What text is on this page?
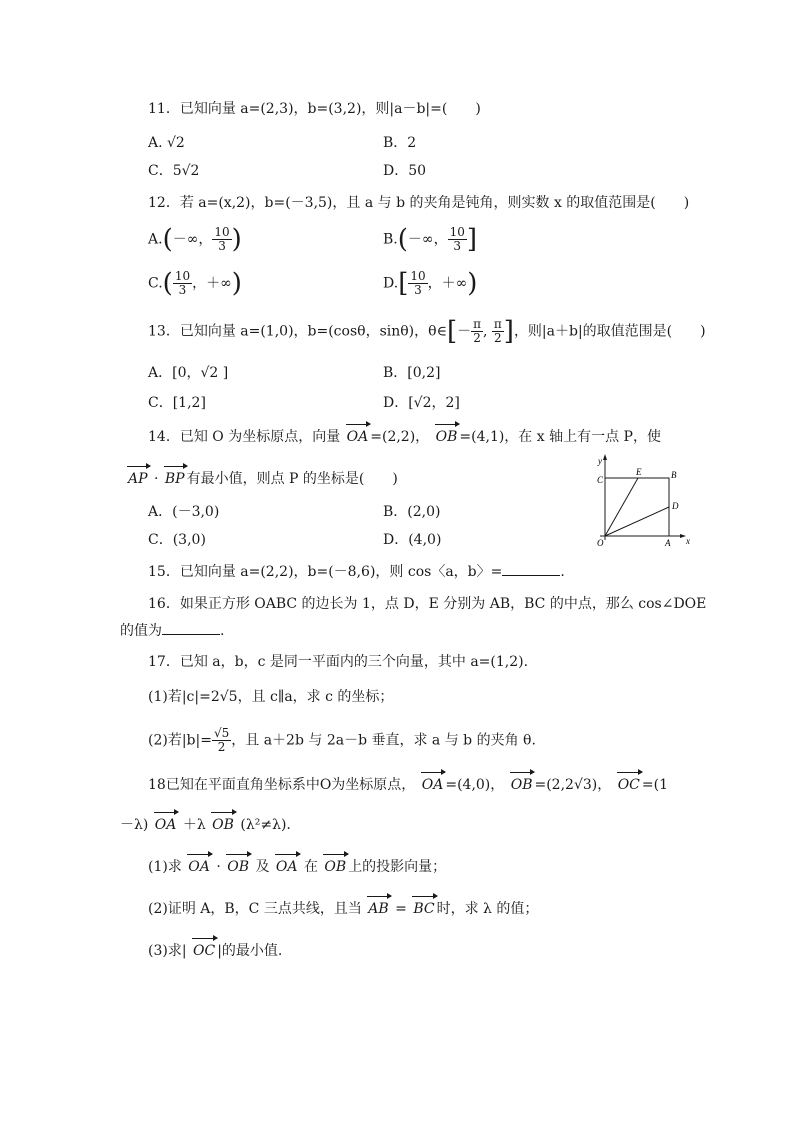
11．已知向量 a=(2,3)，b=(3,2)，则|a－b|=(　　)
A. √2	B．2
C．5√2	D．50
12．若 a=(x,2)，b=(－3,5)，且 a 与 b 的夹角是钝角，则实数 x 的取值范围是(　　)
A.(－∞， $\frac{10}{3}$ )	B.(－∞， $\frac{10}{3}$ ]
$C.( \frac{10}{3}$ ，＋∞)	$D.[ \frac{10}{3}$ ，＋∞)
13．已知向量 a=(1,0)，b=(cosθ，sinθ)，θ∈[－ $\frac{\pi}{2}$ , $\frac{\pi}{2}$ ]，则|a＋b|的取值范围是(　　)
A．[0，√2 ]	B．[0,2]
C．[1,2]	D．[√2，2]
14．已知 O 为坐标原点，向量 OA =(2,2)， OB =(4,1)，在 x 轴上有一点 P，使
AP · BP 有最小值，则点 P 的坐标是(　　)
A．(－3,0)	B．(2,0)
C．(3,0)	D．(4,0)
y
x
O	A
B
C
D
E
15．已知向量 a=(2,2)，b=(－8,6)，则 cos〈a，b〉=	.
16．如果正方形 OABC 的边长为 1，点 D，E 分别为 AB，BC 的中点，那么 cos∠DOE
的值为	.
17．已知 a，b，c 是同一平面内的三个向量，其中 a=(1,2).
(1)若|c|=2√5，且 c∥a，求 c 的坐标；
(2)若$|b|= \frac{√5}{2}$ ，且 a＋2b 与 2a－b 垂直，求 a 与 b 的夹角 θ.
18已知在平面直角坐标系中O为坐标原点， OA =(4,0)， OB =(2,2√3)， OC =(1
－λ) OA ＋λ OB (λ²≠λ).
(1)求 OA · OB 及 OA 在 OB 上的投影向量；
(2)证明 A，B，C 三点共线，且当 AB = BC 时，求 λ 的值；
(3)求| OC |的最小值.
